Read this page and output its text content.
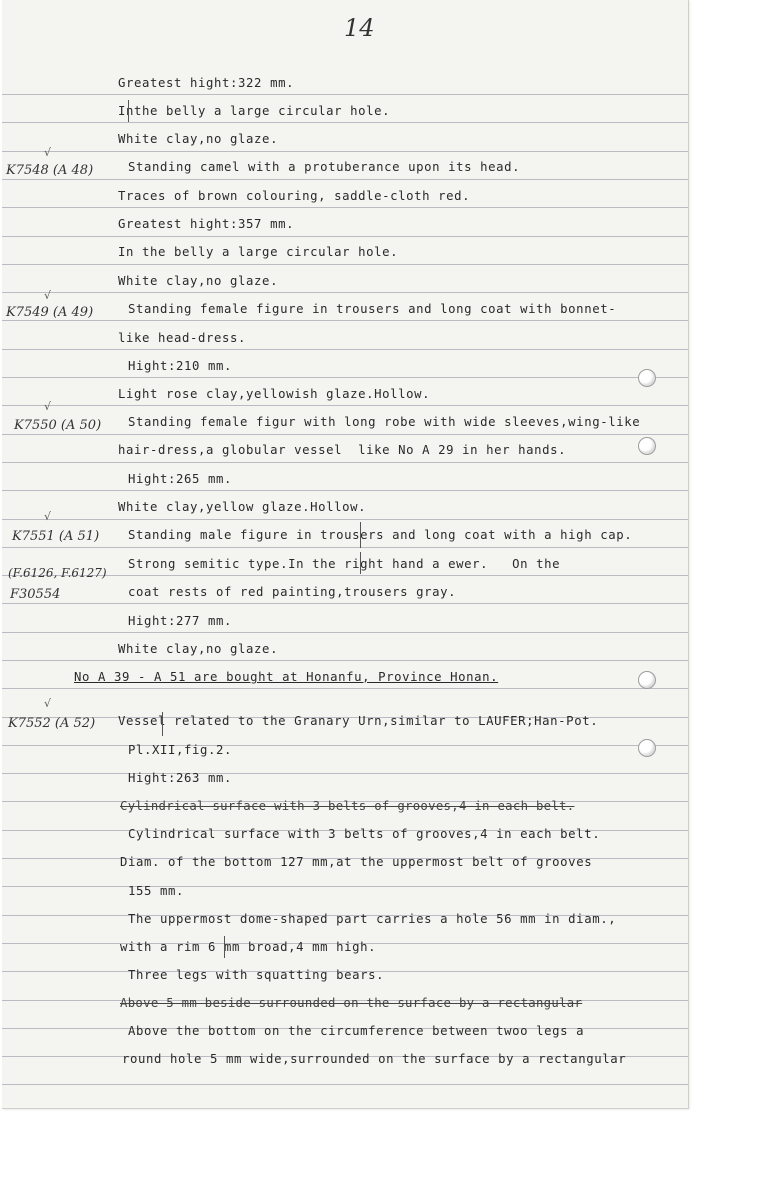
14
√
√
√
√
√
K7548 (A 48)
K7549 (A 49)
K7550 (A 50)
K7551 (A 51)
(F.6126, F.6127)
F30554
K7552 (A 52)
Greatest hight:322 mm.
Inthe belly a large circular hole.
White clay,no glaze.
Standing camel with a protuberance upon its head.
Traces of brown colouring, saddle-cloth red.
Greatest hight:357 mm.
In the belly a large circular hole.
White clay,no glaze.
Standing female figure in trousers and long coat with bonnet-
like head-dress.
Hight:210 mm.
Light rose clay,yellowish glaze.Hollow.
Standing female figur with long robe with wide sleeves,wing-like
hair-dress,a globular vessel  like No A 29 in her hands.
Hight:265 mm.
White clay,yellow glaze.Hollow.
Standing male figure in trousers and long coat with a high cap.
Strong semitic type.In the right hand a ewer.   On the
coat rests of red painting,trousers gray.
Hight:277 mm.
White clay,no glaze.
No A 39 - A 51 are bought at Honanfu, Province Honan.
Vessel related to the Granary Urn,similar to LAUFER;Han-Pot.
Pl.XII,fig.2.
Hight:263 mm.
Cylindrical surface with 3 belts of grooves,4 in each belt.
Cylindrical surface with 3 belts of grooves,4 in each belt.
Diam. of the bottom 127 mm,at the uppermost belt of grooves
155 mm.
The uppermost dome-shaped part carries a hole 56 mm in diam.,
with a rim 6 mm broad,4 mm high.
Three legs with squatting bears.
Above 5 mm beside surrounded on the surface by a rectangular
Above the bottom on the circumference between twoo legs a
round hole 5 mm wide,surrounded on the surface by a rectangular
